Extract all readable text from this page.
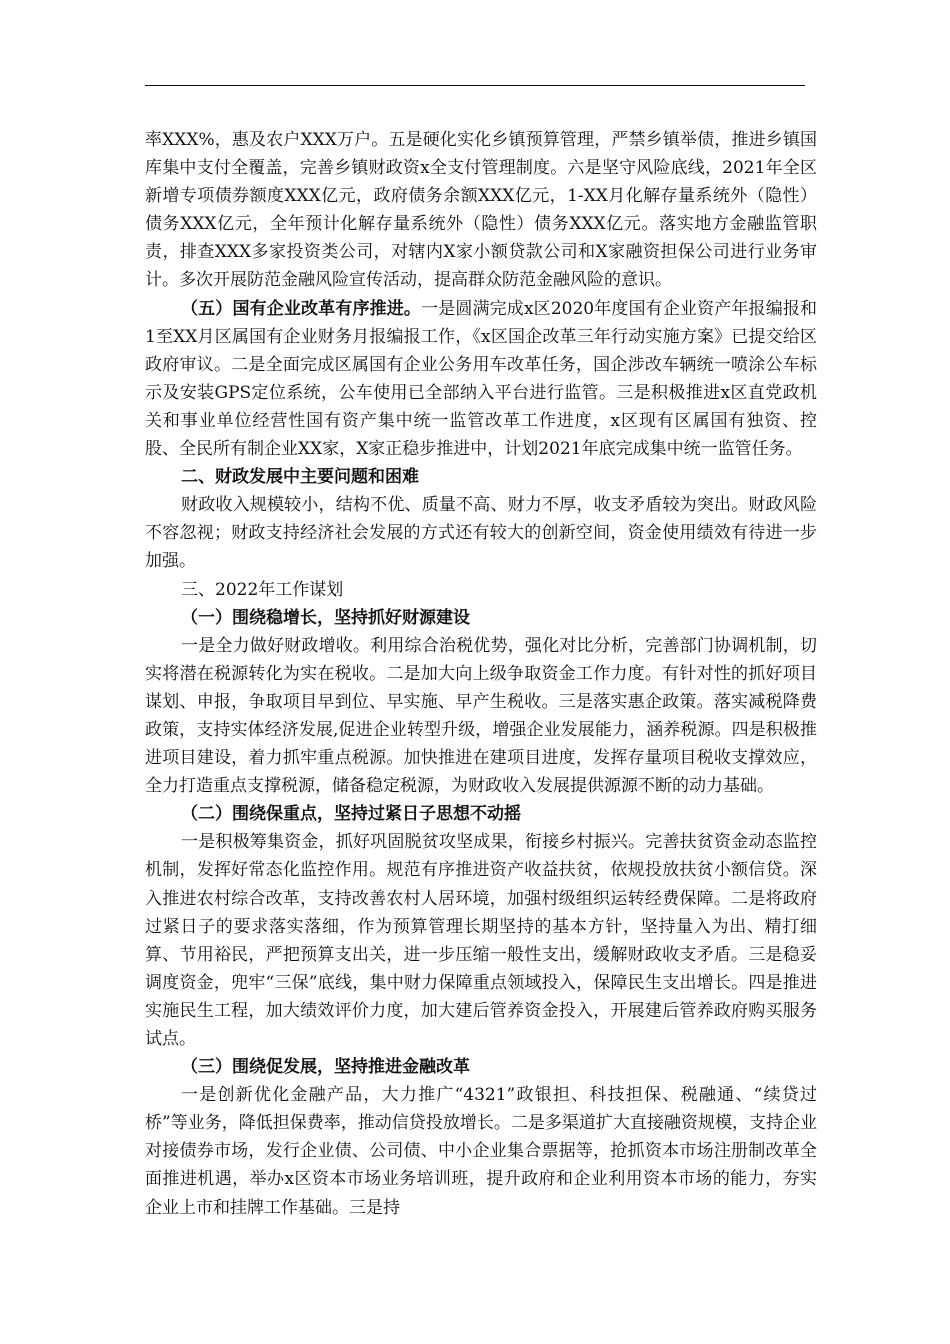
率XXX%，惠及农户XXX万户。五是硬化实化乡镇预算管理，严禁乡镇举债，推进乡镇国库集中支付全覆盖，完善乡镇财政资x全支付管理制度。六是坚守风险底线，2021年全区新增专项债券额度XXX亿元，政府债务余额XXX亿元，1-XX月化解存量系统外（隐性）债务XXX亿元，全年预计化解存量系统外（隐性）债务XXX亿元。落实地方金融监管职责，排查XXX多家投资类公司，对辖内X家小额贷款公司和X家融资担保公司进行业务审计。多次开展防范金融风险宣传活动，提高群众防范金融风险的意识。

（五）国有企业改革有序推进。一是圆满完成x区2020年度国有企业资产年报编报和1至XX月区属国有企业财务月报编报工作，《x区国企改革三年行动实施方案》已提交给区政府审议。二是全面完成区属国有企业公务用车改革任务，国企涉改车辆统一喷涂公车标示及安装GPS定位系统，公车使用已全部纳入平台进行监管。三是积极推进x区直党政机关和事业单位经营性国有资产集中统一监管改革工作进度，x区现有区属国有独资、控股、全民所有制企业XX家，X家正稳步推进中，计划2021年底完成集中统一监管任务。

二、财政发展中主要问题和困难

财政收入规模较小，结构不优、质量不高、财力不厚，收支矛盾较为突出。财政风险不容忽视；财政支持经济社会发展的方式还有较大的创新空间，资金使用绩效有待进一步加强。

三、2022年工作谋划

（一）围绕稳增长，坚持抓好财源建设

一是全力做好财政增收。利用综合治税优势，强化对比分析，完善部门协调机制，切实将潜在税源转化为实在税收。二是加大向上级争取资金工作力度。有针对性的抓好项目谋划、申报，争取项目早到位、早实施、早产生税收。三是落实惠企政策。落实减税降费政策，支持实体经济发展,促进企业转型升级，增强企业发展能力，涵养税源。四是积极推进项目建设，着力抓牢重点税源。加快推进在建项目进度，发挥存量项目税收支撑效应，全力打造重点支撑税源，储备稳定税源，为财政收入发展提供源源不断的动力基础。

（二）围绕保重点，坚持过紧日子思想不动摇

一是积极筹集资金，抓好巩固脱贫攻坚成果，衔接乡村振兴。完善扶贫资金动态监控机制，发挥好常态化监控作用。规范有序推进资产收益扶贫，依规投放扶贫小额信贷。深入推进农村综合改革，支持改善农村人居环境，加强村级组织运转经费保障。二是将政府过紧日子的要求落实落细，作为预算管理长期坚持的基本方针，坚持量入为出、精打细算、节用裕民，严把预算支出关，进一步压缩一般性支出，缓解财政收支矛盾。三是稳妥调度资金，兜牢“三保”底线，集中财力保障重点领域投入，保障民生支出增长。四是推进实施民生工程，加大绩效评价力度，加大建后管养资金投入，开展建后管养政府购买服务试点。

（三）围绕促发展，坚持推进金融改革

一是创新优化金融产品，大力推广“4321”政银担、科技担保、税融通、“续贷过桥”等业务，降低担保费率，推动信贷投放增长。二是多渠道扩大直接融资规模，支持企业对接债券市场，发行企业债、公司债、中小企业集合票据等，抢抓资本市场注册制改革全面推进机遇，举办x区资本市场业务培训班，提升政府和企业利用资本市场的能力，夯实企业上市和挂牌工作基础。三是持
